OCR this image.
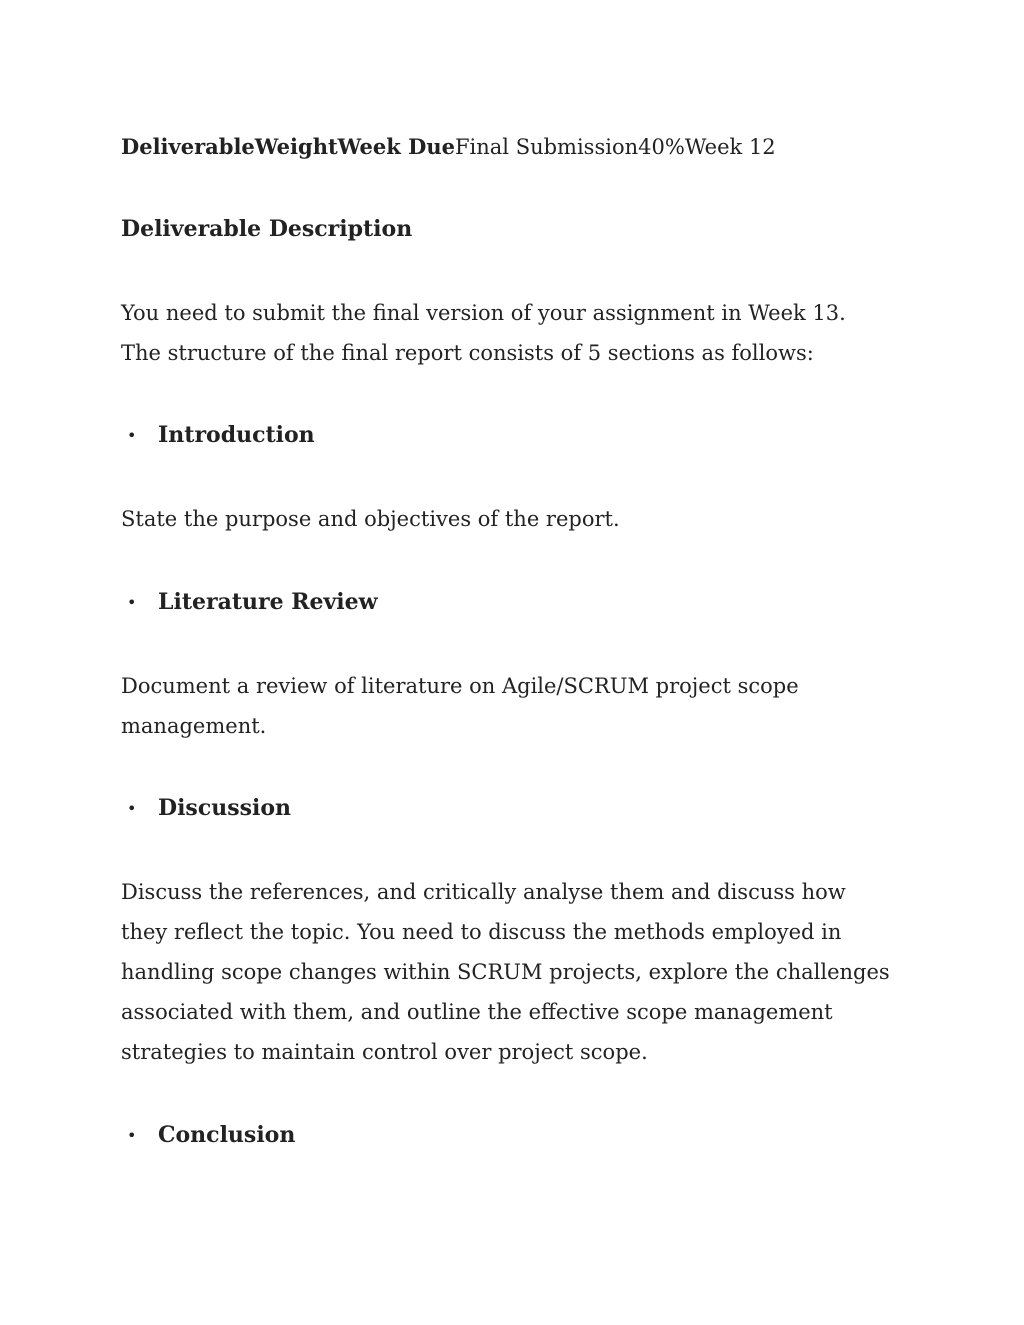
DeliverableWeightWeek DueFinal Submission40%Week 12

Deliverable Description

You need to submit the final version of your assignment in Week 13.

The structure of the final report consists of 5 sections as follows:

• Introduction

State the purpose and objectives of the report.

• Literature Review

Document a review of literature on Agile/SCRUM project scope

management.

• Discussion

Discuss the references, and critically analyse them and discuss how

they reflect the topic. You need to discuss the methods employed in

handling scope changes within SCRUM projects, explore the challenges

associated with them, and outline the effective scope management

strategies to maintain control over project scope.

• Conclusion
